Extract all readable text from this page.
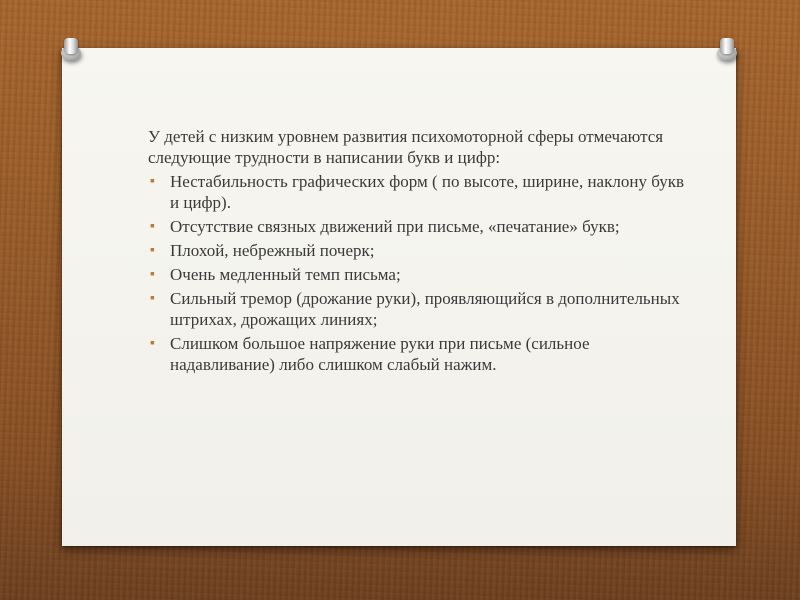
У детей с низким уровнем развития психомоторной сферы отмечаются следующие трудности в написании букв и цифр:

▪ Нестабильность графических форм ( по высоте, ширине, наклону букв и цифр).
▪ Отсутствие связных движений при письме, «печатание» букв;
▪ Плохой, небрежный почерк;
▪ Очень медленный темп письма;
▪ Сильный тремор (дрожание руки), проявляющийся в дополнительных штрихах, дрожащих линиях;
▪ Слишком большое напряжение руки при письме (сильное надавливание) либо слишком слабый нажим.
